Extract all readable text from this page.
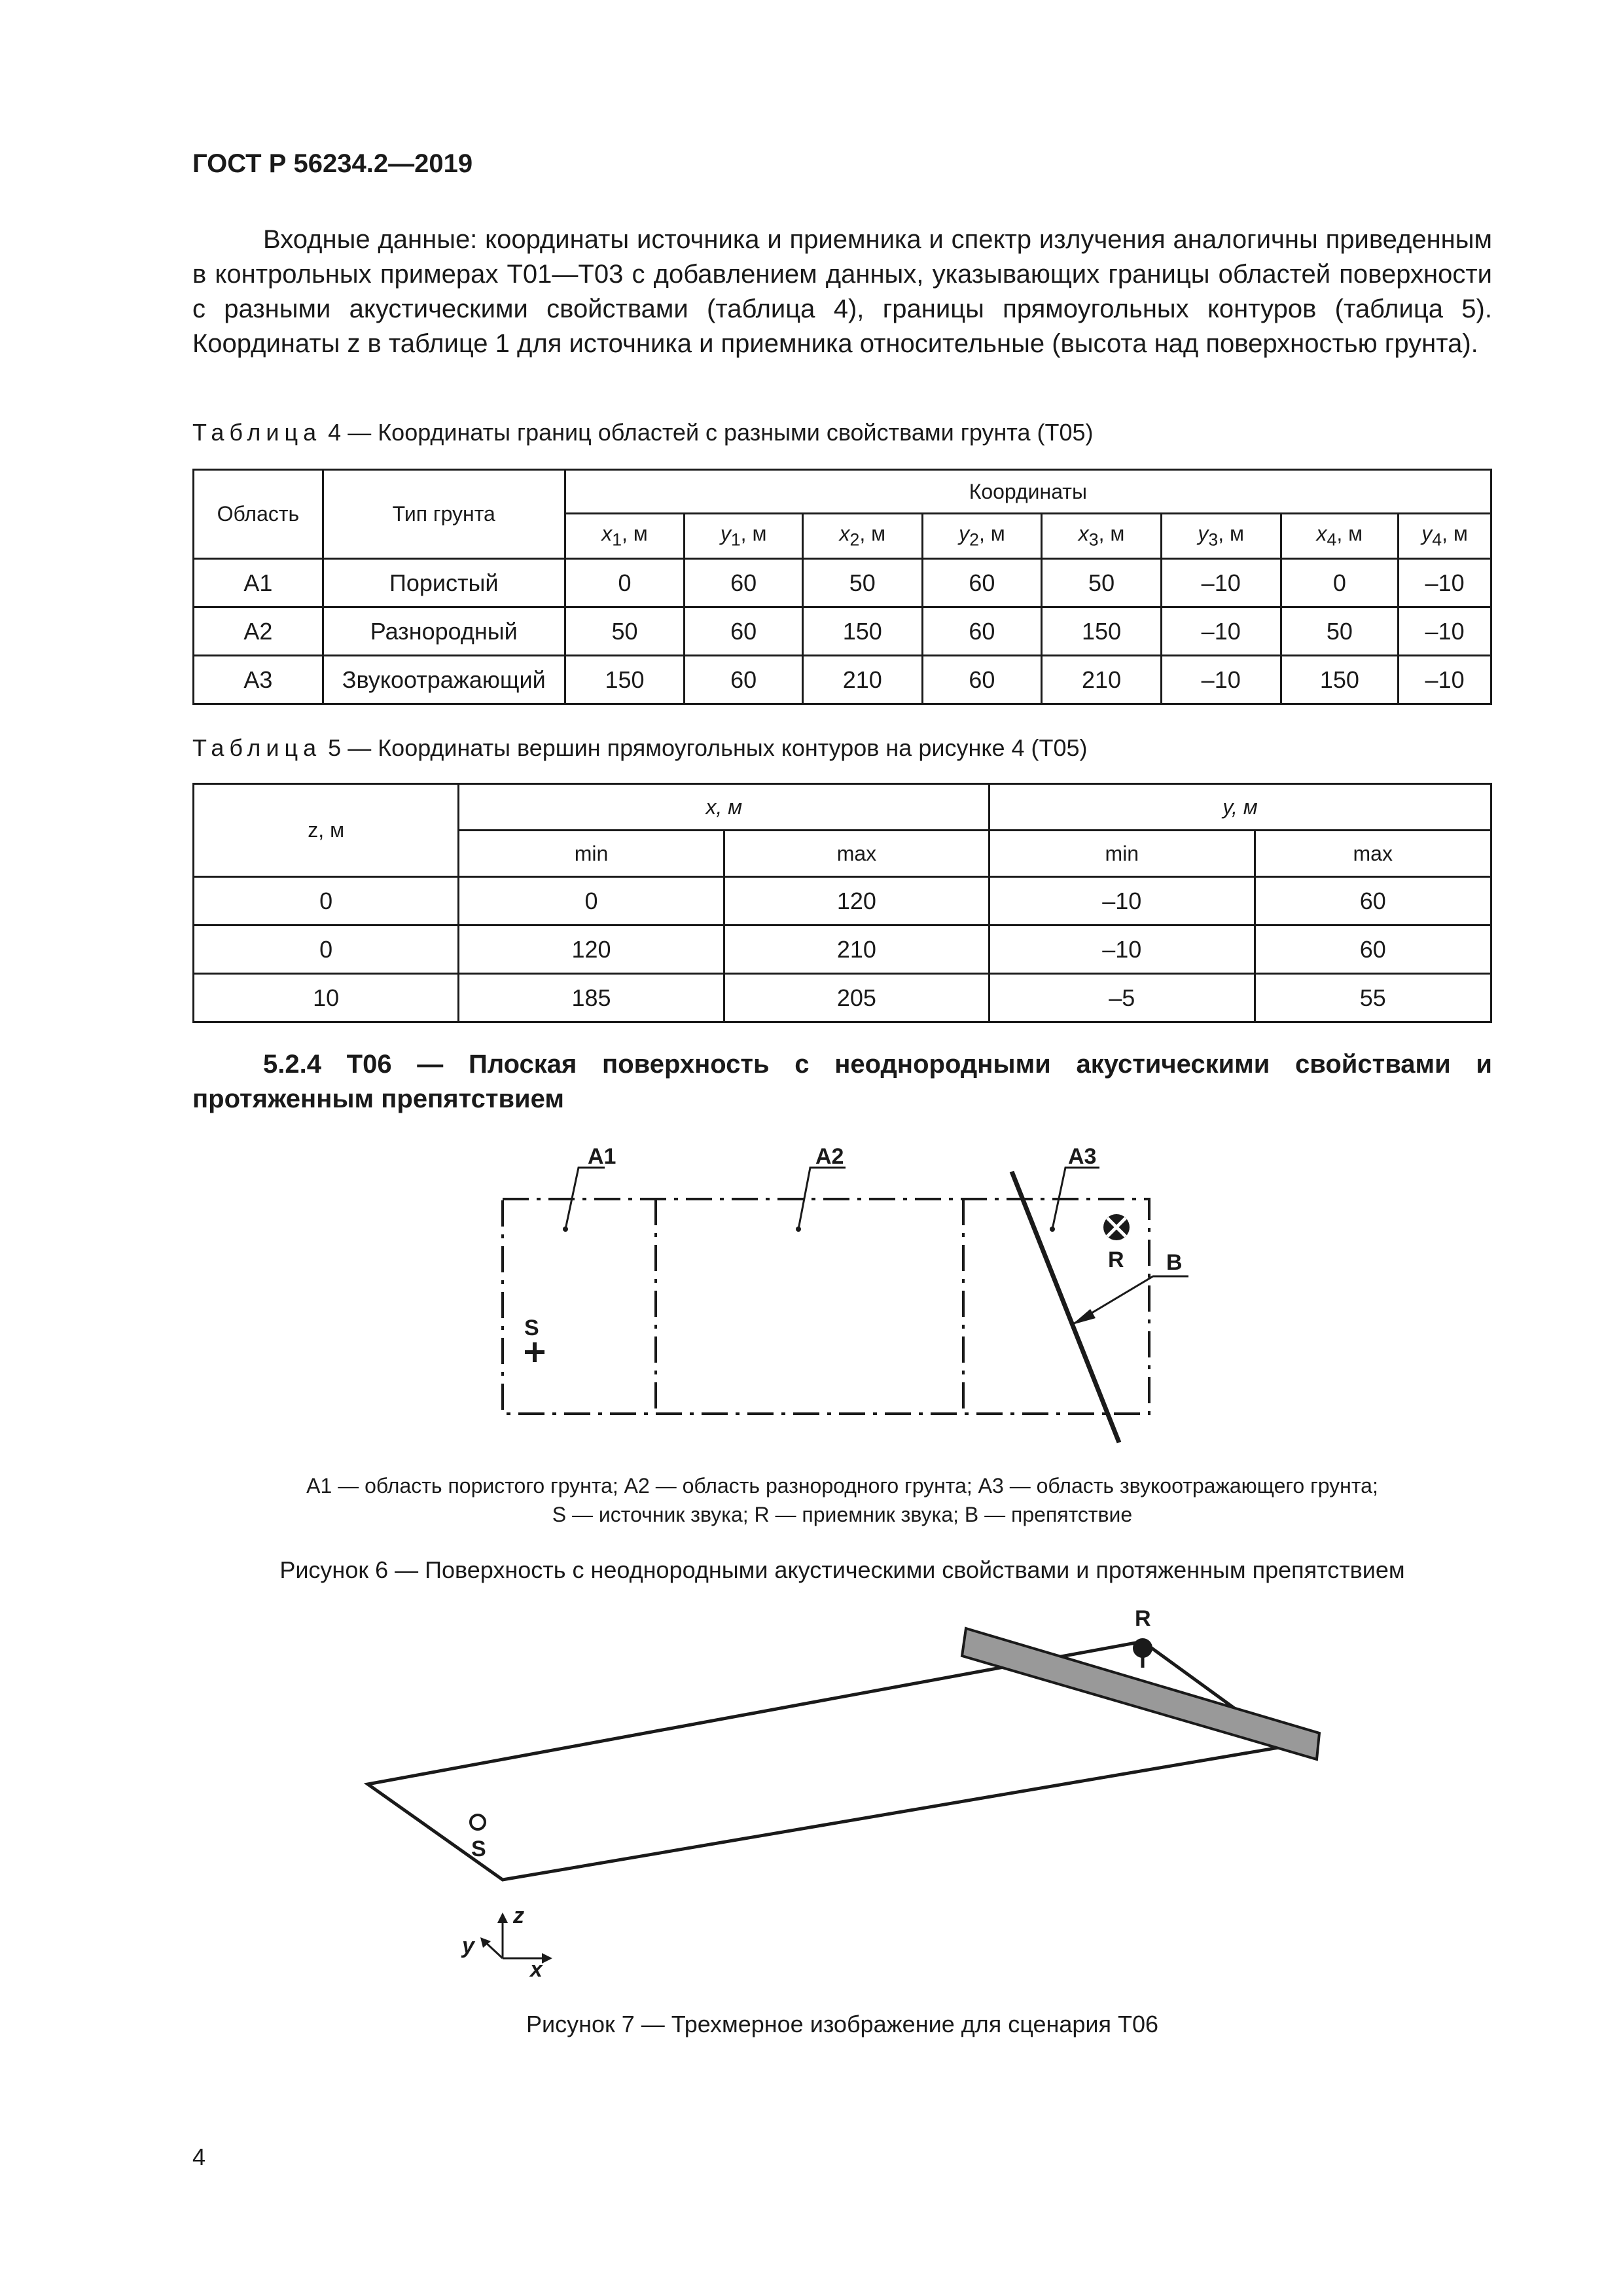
ГОСТ Р 56234.2—2019
Входные данные: координаты источника и приемника и спектр излучения аналогичны приведенным в контрольных примерах Т01—Т03 с добавлением данных, указывающих границы областей поверхности с разными акустическими свойствами (таблица 4), границы прямоугольных контуров (таблица 5). Координаты z в таблице 1 для источника и приемника относительные (высота над поверхностью грунта).
Таблица 4 — Координаты границ областей с разными свойствами грунта (Т05)
Область	Тип грунта	Координаты							
		$x_1$, м	$y_1$, м	$x_2$, м	$y_2$, м	$x_3$, м	$y_3$, м	$x_4$, м	$y_4$, м
А1	Пористый	0	60	50	60	50	–10	0	–10
А2	Разнородный	50	60	150	60	150	–10	50	–10
А3	Звукоотражающий	150	60	210	60	210	–10	150	–10
Таблица 5 — Координаты вершин прямоугольных контуров на рисунке 4 (Т05)
z, м	x, м		y, м	
	min	max	min	max
0	0	120	–10	60
0	120	210	–10	60
10	185	205	–5	55
5.2.4 Т06 — Плоская поверхность с неоднородными акустическими свойствами и протяженным препятствием
А1	А2	А3
R B
S
А1 — область пористого грунта; А2 — область разнородного грунта; А3 — область звукоотражающего грунта;
S — источник звука; R — приемник звука; B — препятствие
Рисунок 6 — Поверхность с неоднородными акустическими свойствами и протяженным препятствием
R
S
z
x
y
Рисунок 7 — Трехмерное изображение для сценария Т06
4
